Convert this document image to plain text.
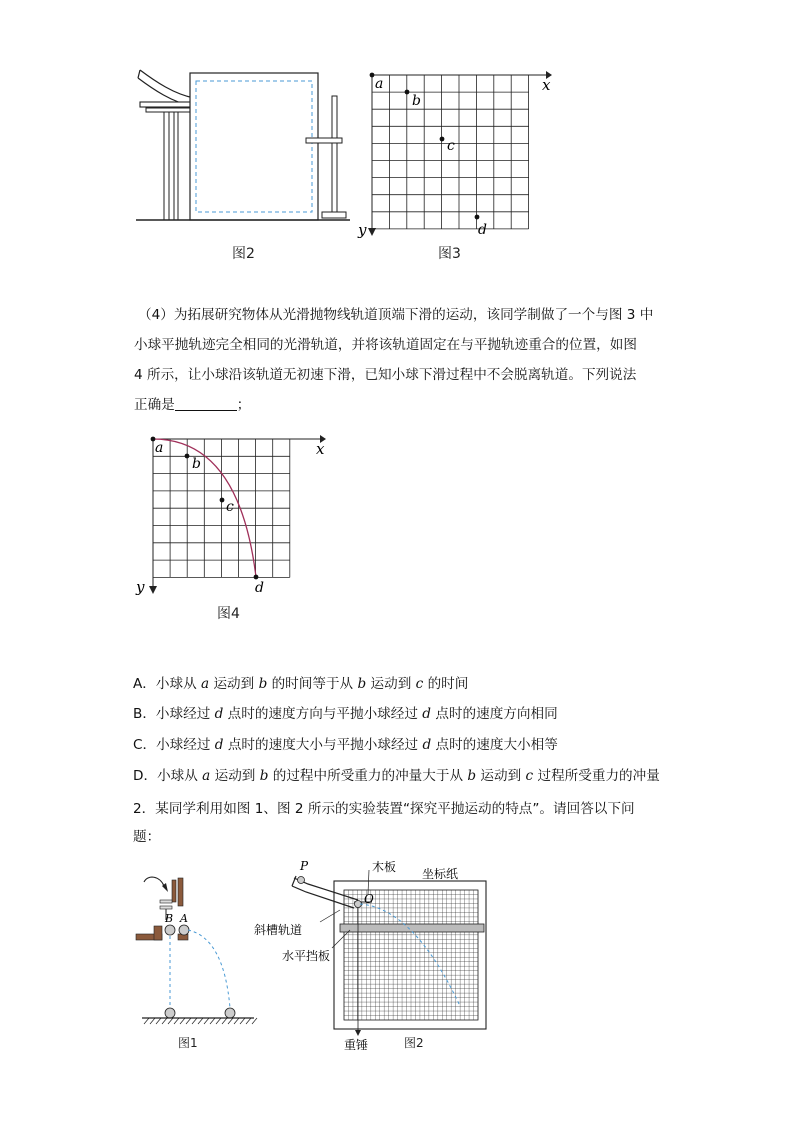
图2
x
y
a
b
c
d
图3
（4）为拓展研究物体从光滑抛物线轨道顶端下滑的运动，该同学制做了一个与图 3 中
小球平抛轨迹完全相同的光滑轨道，并将该轨道固定在与平抛轨迹重合的位置，如图
4 所示，让小球沿该轨道无初速下滑，已知小球下滑过程中不会脱离轨道。下列说法
正确是	；
x
y
a
b
c
d
图4
A．小球从 a 运动到 b 的时间等于从 b 运动到 c 的时间
B．小球经过 d 点时的速度方向与平抛小球经过 d 点时的速度方向相同
C．小球经过 d 点时的速度大小与平抛小球经过 d 点时的速度大小相等
D．小球从 a 运动到 b 的过程中所受重力的冲量大于从 b 运动到 c 过程所受重力的冲量
2．某同学利用如图 1、图 2 所示的实验装置“探究平抛运动的特点”。请回答以下问
题：
B A
图1
P
O
木板 坐标纸
斜槽轨道
水平挡板
重锤	图2
